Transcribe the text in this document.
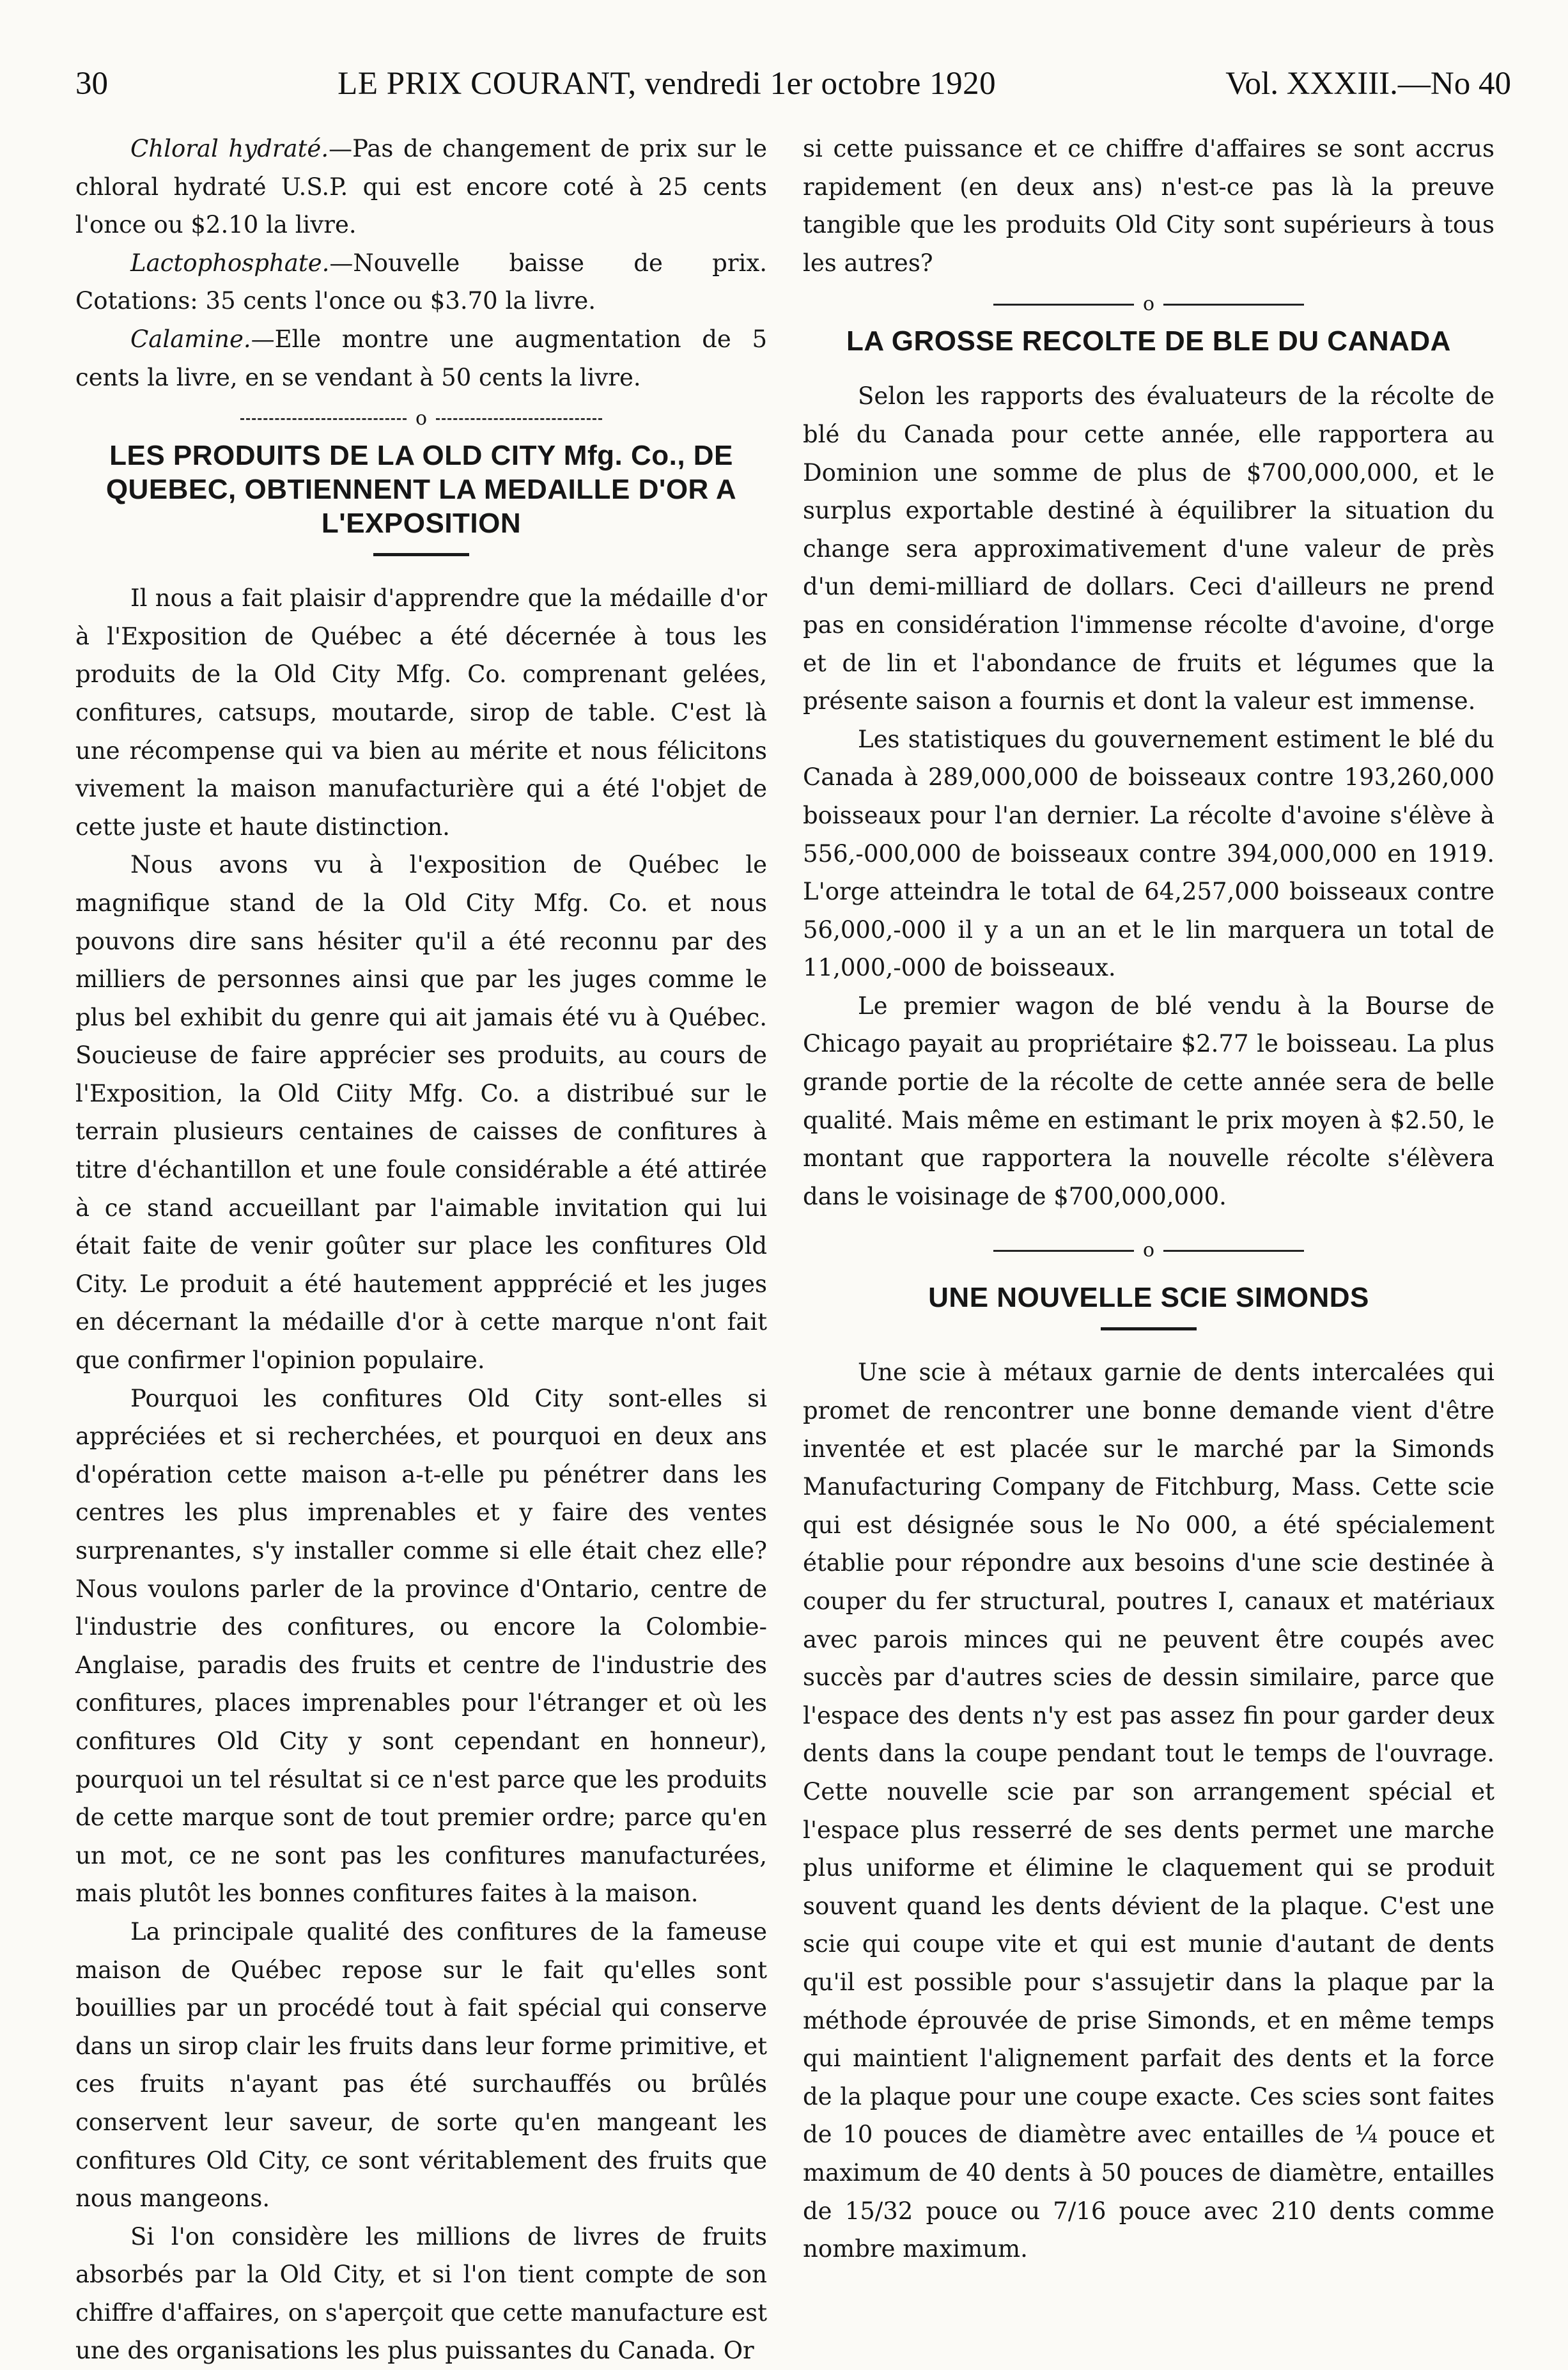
30	LE PRIX COURANT, vendredi 1er octobre 1920	Vol. XXXIII.—No 40

Chloral hydraté.—Pas de changement de prix sur le chloral hydraté U.S.P. qui est encore coté à 25 cents l'once ou $2.10 la livre.

Lactophosphate.—Nouvelle baisse de prix. Cotations: 35 cents l'once ou $3.70 la livre.

Calamine.—Elle montre une augmentation de 5 cents la livre, en se vendant à 50 cents la livre.

o
LES PRODUITS DE LA OLD CITY Mfg. Co., DE QUEBEC, OBTIENNENT LA MEDAILLE D'OR A L'EXPOSITION

Il nous a fait plaisir d'apprendre que la médaille d'or à l'Exposition de Québec a été décernée à tous les produits de la Old City Mfg. Co. comprenant gelées, confitures, catsups, moutarde, sirop de table. C'est là une récompense qui va bien au mérite et nous félicitons vivement la maison manufacturière qui a été l'objet de cette juste et haute distinction.

Nous avons vu à l'exposition de Québec le magnifique stand de la Old City Mfg. Co. et nous pouvons dire sans hésiter qu'il a été reconnu par des milliers de personnes ainsi que par les juges comme le plus bel exhibit du genre qui ait jamais été vu à Québec. Soucieuse de faire apprécier ses produits, au cours de l'Exposition, la Old Ciity Mfg. Co. a distribué sur le terrain plusieurs centaines de caisses de confitures à titre d'échantillon et une foule considérable a été attirée à ce stand accueillant par l'aimable invitation qui lui était faite de venir goûter sur place les confitures Old City. Le produit a été hautement appprécié et les juges en décernant la médaille d'or à cette marque n'ont fait que confirmer l'opinion populaire.

Pourquoi les confitures Old City sont-elles si appréciées et si recherchées, et pourquoi en deux ans d'opération cette maison a-t-elle pu pénétrer dans les centres les plus imprenables et y faire des ventes surprenantes, s'y installer comme si elle était chez elle? Nous voulons parler de la province d'Ontario, centre de l'industrie des confitures, ou encore la Colombie-Anglaise, paradis des fruits et centre de l'industrie des confitures, places imprenables pour l'étranger et où les confitures Old City y sont cependant en honneur), pourquoi un tel résultat si ce n'est parce que les produits de cette marque sont de tout premier ordre; parce qu'en un mot, ce ne sont pas les confitures manufacturées, mais plutôt les bonnes confitures faites à la maison.

La principale qualité des confitures de la fameuse maison de Québec repose sur le fait qu'elles sont bouillies par un procédé tout à fait spécial qui conserve dans un sirop clair les fruits dans leur forme primitive, et ces fruits n'ayant pas été surchauffés ou brûlés conservent leur saveur, de sorte qu'en mangeant les confitures Old City, ce sont véritablement des fruits que nous mangeons.

Si l'on considère les millions de livres de fruits absorbés par la Old City, et si l'on tient compte de son chiffre d'affaires, on s'aperçoit que cette manufacture est une des organisations les plus puissantes du Canada. Or

si cette puissance et ce chiffre d'affaires se sont accrus rapidement (en deux ans) n'est-ce pas là la preuve tangible que les produits Old City sont supérieurs à tous les autres?

o
LA GROSSE RECOLTE DE BLE DU CANADA

Selon les rapports des évaluateurs de la récolte de blé du Canada pour cette année, elle rapportera au Dominion une somme de plus de $700,000,000, et le surplus exportable destiné à équilibrer la situation du change sera approximativement d'une valeur de près d'un demi-milliard de dollars. Ceci d'ailleurs ne prend pas en considération l'immense récolte d'avoine, d'orge et de lin et l'abondance de fruits et légumes que la présente saison a fournis et dont la valeur est immense.

Les statistiques du gouvernement estiment le blé du Canada à 289,000,000 de boisseaux contre 193,260,000 boisseaux pour l'an dernier. La récolte d'avoine s'élève à 556,-000,000 de boisseaux contre 394,000,000 en 1919. L'orge atteindra le total de 64,257,000 boisseaux contre 56,000,-000 il y a un an et le lin marquera un total de 11,000,-000 de boisseaux.

Le premier wagon de blé vendu à la Bourse de Chicago payait au propriétaire $2.77 le boisseau. La plus grande portie de la récolte de cette année sera de belle qualité. Mais même en estimant le prix moyen à $2.50, le montant que rapportera la nouvelle récolte s'élèvera dans le voisinage de $700,000,000.

o
UNE NOUVELLE SCIE SIMONDS

Une scie à métaux garnie de dents intercalées qui promet de rencontrer une bonne demande vient d'être inventée et est placée sur le marché par la Simonds Manufacturing Company de Fitchburg, Mass. Cette scie qui est désignée sous le No 000, a été spécialement établie pour répondre aux besoins d'une scie destinée à couper du fer structural, poutres I, canaux et matériaux avec parois minces qui ne peuvent être coupés avec succès par d'autres scies de dessin similaire, parce que l'espace des dents n'y est pas assez fin pour garder deux dents dans la coupe pendant tout le temps de l'ouvrage. Cette nouvelle scie par son arrangement spécial et l'espace plus resserré de ses dents permet une marche plus uniforme et élimine le claquement qui se produit souvent quand les dents dévient de la plaque. C'est une scie qui coupe vite et qui est munie d'autant de dents qu'il est possible pour s'assujetir dans la plaque par la méthode éprouvée de prise Simonds, et en même temps qui maintient l'alignement parfait des dents et la force de la plaque pour une coupe exacte. Ces scies sont faites de 10 pouces de diamètre avec entailles de ¼ pouce et maximum de 40 dents à 50 pouces de diamètre, entailles de 15/32 pouce ou 7/16 pouce avec 210 dents comme nombre maximum.
